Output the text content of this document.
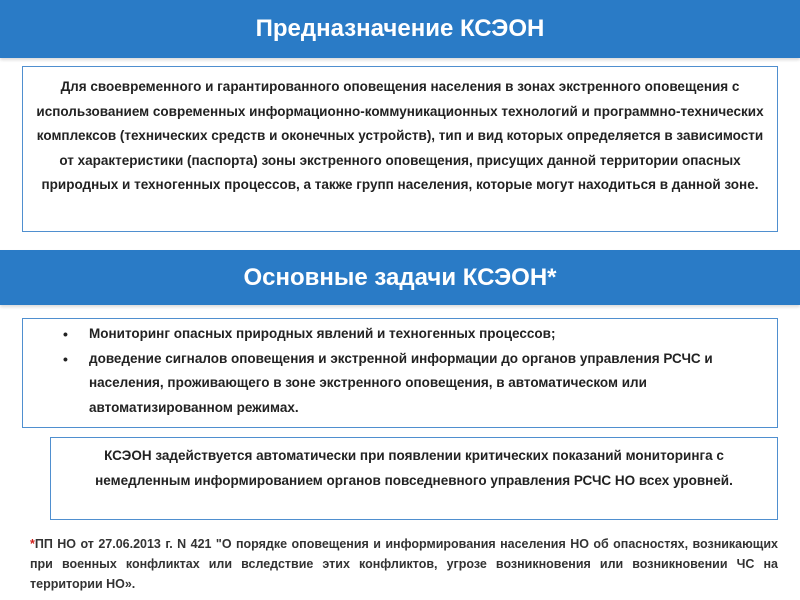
Предназначение КСЭОН
Для своевременного и гарантированного оповещения населения в зонах экстренного оповещения с использованием современных информационно-коммуникационных технологий и программно-технических комплексов (технических средств и оконечных устройств), тип и вид которых определяется в зависимости от характеристики (паспорта) зоны экстренного оповещения, присущих данной территории опасных природных и техногенных процессов, а также групп населения, которые могут находиться в данной зоне.
Основные задачи КСЭОН*
• Мониторинг опасных природных явлений и техногенных процессов;
• доведение сигналов оповещения и экстренной информации до органов управления РСЧС и населения, проживающего в зоне экстренного оповещения, в автоматическом или автоматизированном режимах.
КСЭОН задействуется автоматически при появлении критических показаний мониторинга с немедленным информированием органов повседневного управления РСЧС НО всех уровней.
*ПП НО от 27.06.2013 г. N 421 "О порядке оповещения и информирования населения НО об опасностях, возникающих при военных конфликтах или вследствие этих конфликтов, угрозе возникновения или возникновении ЧС на территории НО».
